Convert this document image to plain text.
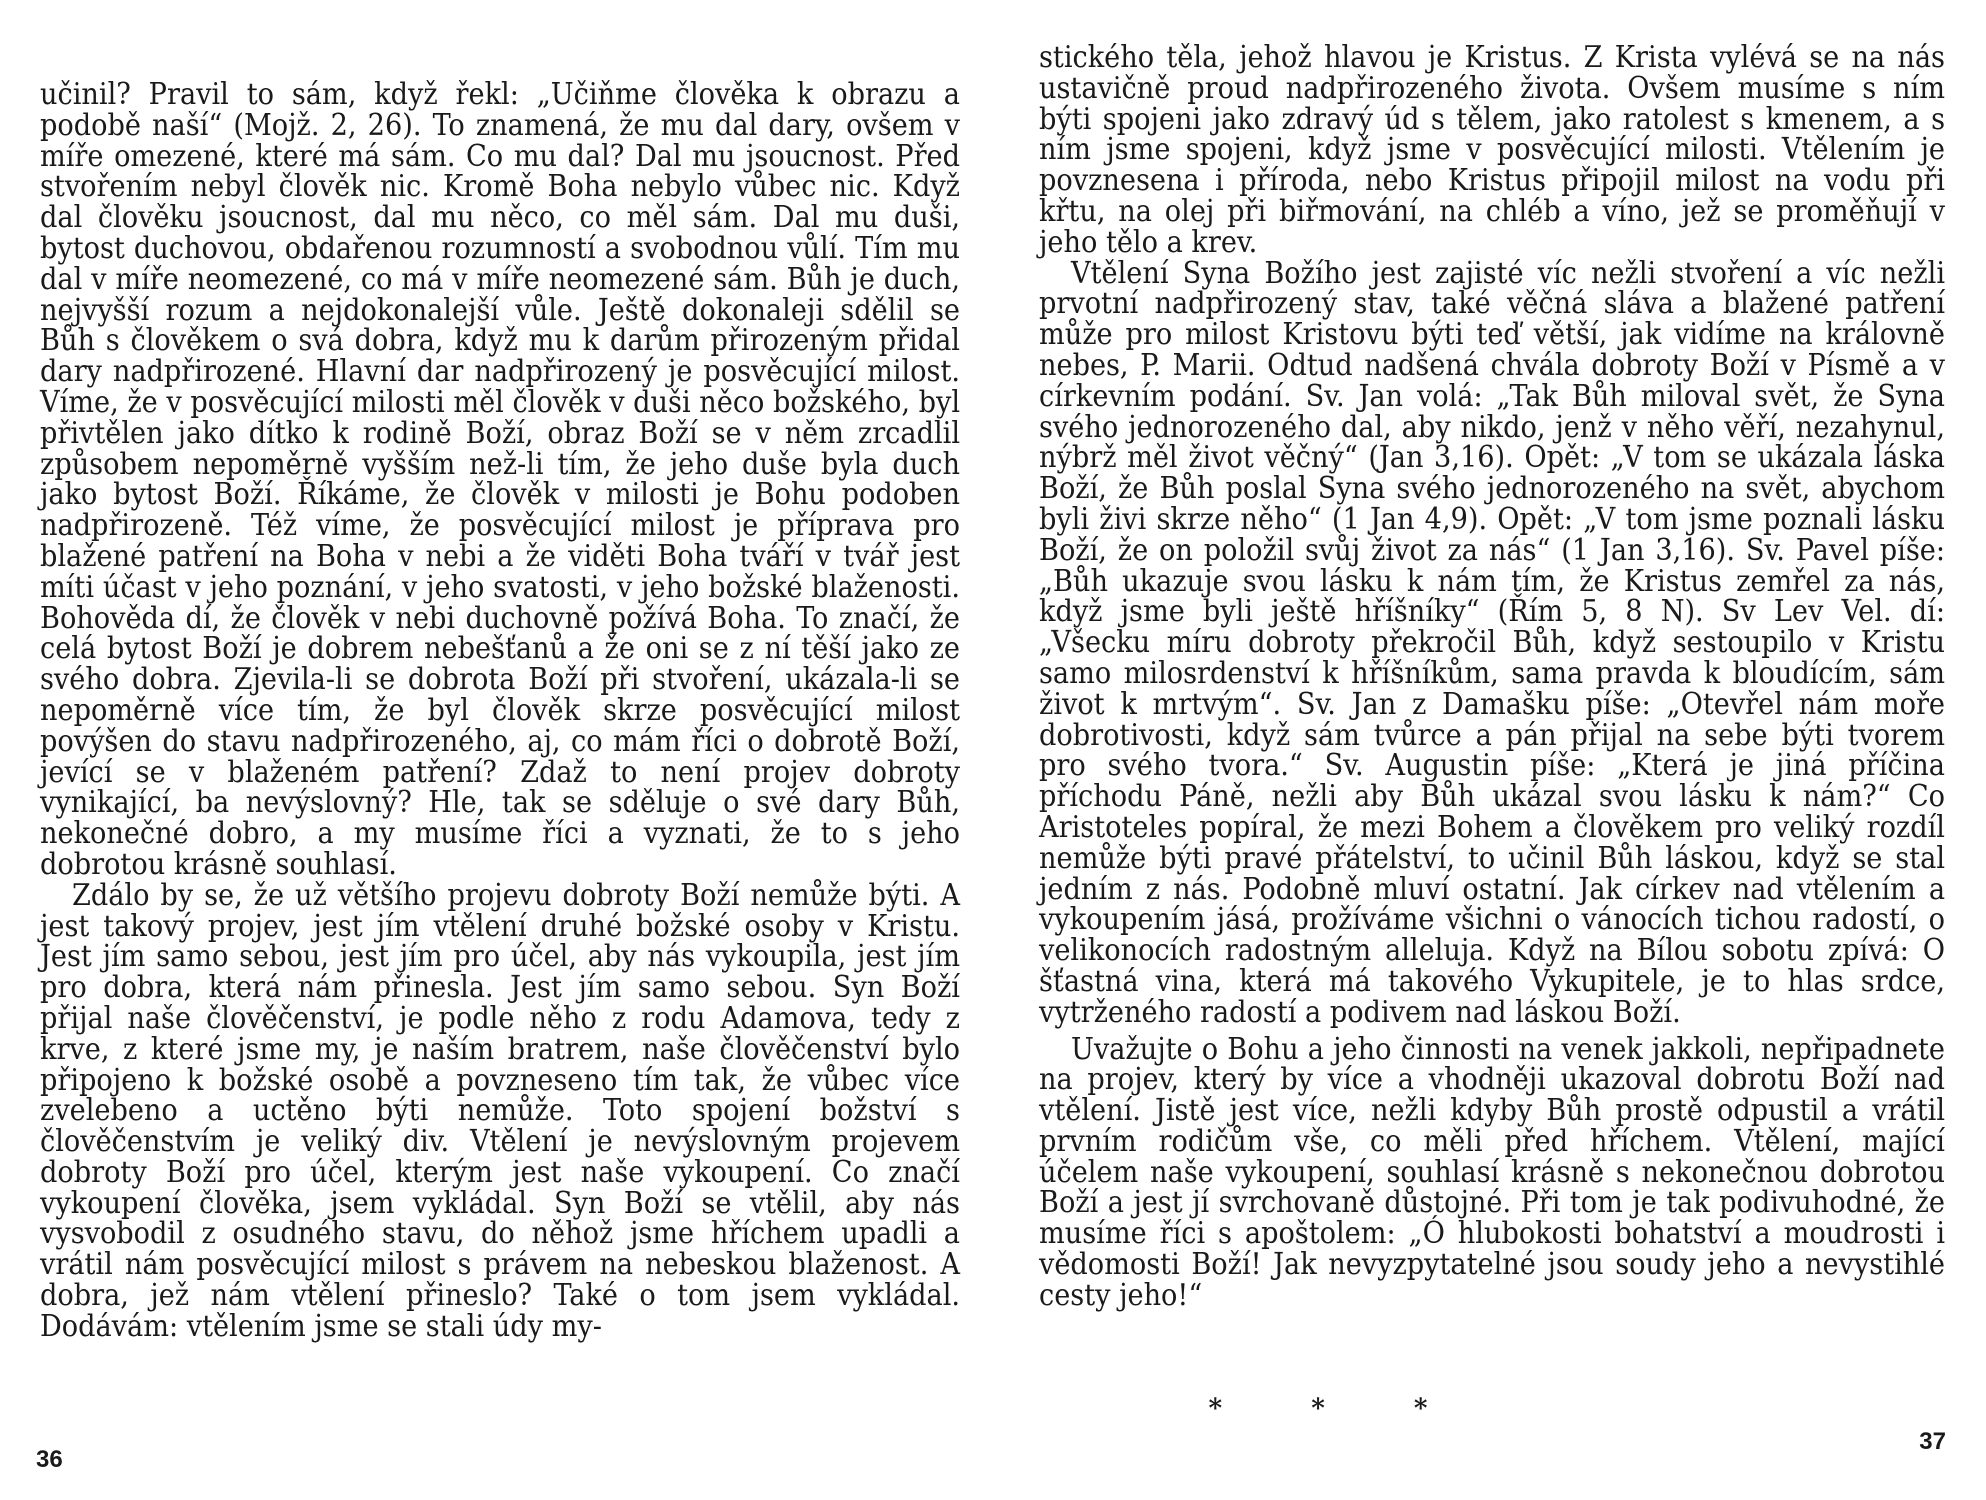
učinil? Pravil to sám, když řekl: „Učiňme člověka k obrazu a podobě naší“ (Mojž. 2, 26). To znamená, že mu dal dary, ovšem v míře omezené, které má sám. Co mu dal? Dal mu jsoucnost. Před stvořením nebyl člověk nic. Kromě Boha nebylo vůbec nic. Když dal člověku jsoucnost, dal mu něco, co měl sám. Dal mu duši, bytost duchovou, obdařenou rozumností a svobodnou vůlí. Tím mu dal v míře neomezené, co má v míře neomezené sám. Bůh je duch, nejvyšší rozum a nejdokonalejší vůle. Ještě dokonaleji sdělil se Bůh s člověkem o svá dobra, když mu k darům přirozeným přidal dary nadpřirozené. Hlavní dar nadpřirozený je posvěcující milost. Víme, že v posvěcující milosti měl člověk v duši něco božského, byl přivtělen jako dítko k rodině Boží, obraz Boží se v něm zrcadlil způsobem nepoměrně vyšším než-li tím, že jeho duše byla duch jako bytost Boží. Říkáme, že člověk v milosti je Bohu podoben nadpřirozeně. Též víme, že posvěcující milost je příprava pro blažené patření na Boha v nebi a že viděti Boha tváří v tvář jest míti účast v jeho poznání, v jeho svatosti, v jeho božské blaženosti. Bohověda dí, že člověk v nebi duchovně požívá Boha. To značí, že celá bytost Boží je dobrem nebešťanů a že oni se z ní těší jako ze svého dobra. Zjevila-li se dobrota Boží při stvoření, ukázala-li se nepoměrně více tím, že byl člověk skrze posvěcující milost povýšen do stavu nadpřirozeného, aj, co mám říci o dobrotě Boží, jevící se v blaženém patření? Zdaž to není projev dobroty vynikající, ba nevýslovný? Hle, tak se sděluje o své dary Bůh, nekonečné dobro, a my musíme říci a vyznati, že to s jeho dobrotou krásně souhlasí.

Zdálo by se, že už většího projevu dobroty Boží nemůže býti. A jest takový projev, jest jím vtělení druhé božské osoby v Kristu. Jest jím samo sebou, jest jím pro účel, aby nás vykoupila, jest jím pro dobra, která nám přinesla. Jest jím samo sebou. Syn Boží přijal naše člověčenství, je podle něho z rodu Adamova, tedy z krve, z které jsme my, je naším bratrem, naše člověčenství bylo připojeno k božské osobě a povzneseno tím tak, že vůbec více zvelebeno a uctěno býti nemůže. Toto spojení božství s člověčenstvím je veliký div. Vtělení je nevýslovným projevem dobroty Boží pro účel, kterým jest naše vykoupení. Co značí vykoupení člověka, jsem vykládal. Syn Boží se vtělil, aby nás vysvobodil z osudného stavu, do něhož jsme hříchem upadli a vrátil nám posvěcující milost s právem na nebeskou blaženost. A dobra, jež nám vtělení přineslo? Také o tom jsem vykládal. Dodávám: vtělením jsme se stali údy my-

36

stického těla, jehož hlavou je Kristus. Z Krista vylévá se na nás ustavičně proud nadpřirozeného života. Ovšem musíme s ním býti spojeni jako zdravý úd s tělem, jako ratolest s kmenem, a s ním jsme spojeni, když jsme v posvěcující milosti. Vtělením je povznesena i příroda, nebo Kristus připojil milost na vodu při křtu, na olej při biřmování, na chléb a víno, jež se proměňují v jeho tělo a krev.

Vtělení Syna Božího jest zajisté víc nežli stvoření a víc nežli prvotní nadpřirozený stav, také věčná sláva a blažené patření může pro milost Kristovu býti teď větší, jak vidíme na královně nebes, P. Marii. Odtud nadšená chvála dobroty Boží v Písmě a v církevním podání. Sv. Jan volá: „Tak Bůh miloval svět, že Syna svého jednorozeného dal, aby nikdo, jenž v něho věří, nezahynul, nýbrž měl život věčný“ (Jan 3,16). Opět: „V tom se ukázala láska Boží, že Bůh poslal Syna svého jednorozeného na svět, abychom byli živi skrze něho“ (1 Jan 4,9). Opět: „V tom jsme poznali lásku Boží, že on položil svůj život za nás“ (1 Jan 3,16). Sv. Pavel píše: „Bůh ukazuje svou lásku k nám tím, že Kristus zemřel za nás, když jsme byli ještě hříšníky“ (Řím 5, 8 N). Sv Lev Vel. dí: „Všecku míru dobroty překročil Bůh, když sestoupilo v Kristu samo milosrdenství k hříšníkům, sama pravda k bloudícím, sám život k mrtvým“. Sv. Jan z Damašku píše: „Otevřel nám moře dobrotivosti, když sám tvůrce a pán přijal na sebe býti tvorem pro svého tvora.“ Sv. Augustin píše: „Která je jiná příčina příchodu Páně, nežli aby Bůh ukázal svou lásku k nám?“ Co Aristoteles popíral, že mezi Bohem a člověkem pro veliký rozdíl nemůže býti pravé přátelství, to učinil Bůh láskou, když se stal jedním z nás. Podobně mluví ostatní. Jak církev nad vtělením a vykoupením jásá, prožíváme všichni o vánocích tichou radostí, o velikonocích radostným alleluja. Když na Bílou sobotu zpívá: O šťastná vina, která má takového Vykupitele, je to hlas srdce, vytrženého radostí a podivem nad láskou Boží.

Uvažujte o Bohu a jeho činnosti na venek jakkoli, nepřipadnete na projev, který by více a vhodněji ukazoval dobrotu Boží nad vtělení. Jistě jest více, nežli kdyby Bůh prostě odpustil a vrátil prvním rodičům vše, co měli před hříchem. Vtělení, mající účelem naše vykoupení, souhlasí krásně s nekonečnou dobrotou Boží a jest jí svrchovaně důstojné. Při tom je tak podivuhodné, že musíme říci s apoštolem: „Ó hlubokosti bohatství a moudrosti i vědomosti Boží! Jak nevyzpytatelné jsou soudy jeho a nevystihlé cesty jeho!“

37
* * *
